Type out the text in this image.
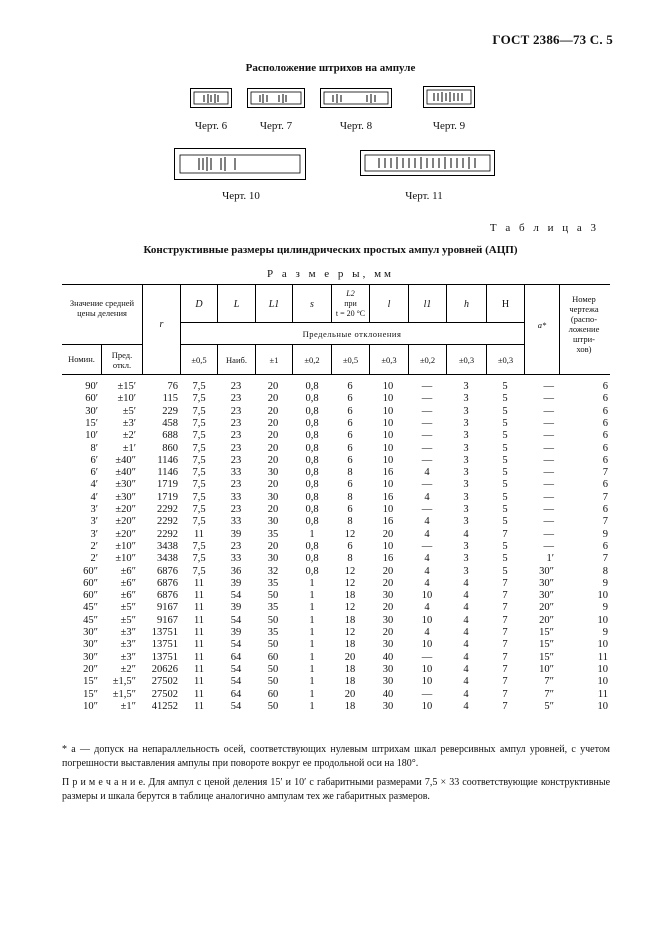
ГОСТ 2386—73 С. 5
Расположение штрихов на ампуле
Черт. 6	Черт. 7	Черт. 8	Черт. 9
Черт. 10	Черт. 11
Т а б л и ц а 3
Конструктивные размеры цилиндрических простых ампул уровней (АЦП)
Р а з м е р ы, мм
Значение средней цены деления
Номин.	Пред. откл.
r
D	L	L1	s
L2
при
t = 20 °C
l	l1	h	H
a*
Номер
чертежа
(распо-
ложение
штри-
хов)
Предельные отклонения
±0,5	Наиб.	±1	±0,2	±0,5	±0,3	±0,2	±0,3	±0,3
90′	±15′	76	7,5	23	20	0,8	6	10	—	3	5	—	6
60′	±10′	115	7,5	23	20	0,8	6	10	—	3	5	—	6
30′	±5′	229	7,5	23	20	0,8	6	10	—	3	5	—	6
15′	±3′	458	7,5	23	20	0,8	6	10	—	3	5	—	6
10′	±2′	688	7,5	23	20	0,8	6	10	—	3	5	—	6
8′	±1′	860	7,5	23	20	0,8	6	10	—	3	5	—	6
6′	±40″	1146	7,5	23	20	0,8	6	10	—	3	5	—	6
6′	±40″	1146	7,5	33	30	0,8	8	16	4	3	5	—	7
4′	±30″	1719	7,5	23	20	0,8	6	10	—	3	5	—	6
4′	±30″	1719	7,5	33	30	0,8	8	16	4	3	5	—	7
3′	±20″	2292	7,5	23	20	0,8	6	10	—	3	5	—	6
3′	±20″	2292	7,5	33	30	0,8	8	16	4	3	5	—	7
3′	±20″	2292	11	39	35	1	12	20	4	4	7	—	9
2′	±10″	3438	7,5	23	20	0,8	6	10	—	3	5	—	6
2′	±10″	3438	7,5	33	30	0,8	8	16	4	3	5	1′	7
60″	±6″	6876	7,5	36	32	0,8	12	20	4	3	5	30″	8
60″	±6″	6876	11	39	35	1	12	20	4	4	7	30″	9
60″	±6″	6876	11	54	50	1	18	30	10	4	7	30″	10
45″	±5″	9167	11	39	35	1	12	20	4	4	7	20″	9
45″	±5″	9167	11	54	50	1	18	30	10	4	7	20″	10
30″	±3″	13751	11	39	35	1	12	20	4	4	7	15″	9
30″	±3″	13751	11	54	50	1	18	30	10	4	7	15″	10
30″	±3″	13751	11	64	60	1	20	40	—	4	7	15″	11
20″	±2″	20626	11	54	50	1	18	30	10	4	7	10″	10
15″	±1,5″	27502	11	54	50	1	18	30	10	4	7	7″	10
15″	±1,5″	27502	11	64	60	1	20	40	—	4	7	7″	11
10″	±1″	41252	11	54	50	1	18	30	10	4	7	5″	10
* a — допуск на непараллельность осей, соответствующих нулевым штрихам шкал реверсивных ампул уровней, с учетом погрешности выставления ампулы при повороте вокруг ее продольной оси на 180°.
П р и м е ч а н и е. Для ампул с ценой деления 15′ и 10′ с габаритными размерами 7,5 × 33 соответствующие конструктивные размеры и шкала берутся в таблице аналогично ампулам тех же габаритных размеров.
